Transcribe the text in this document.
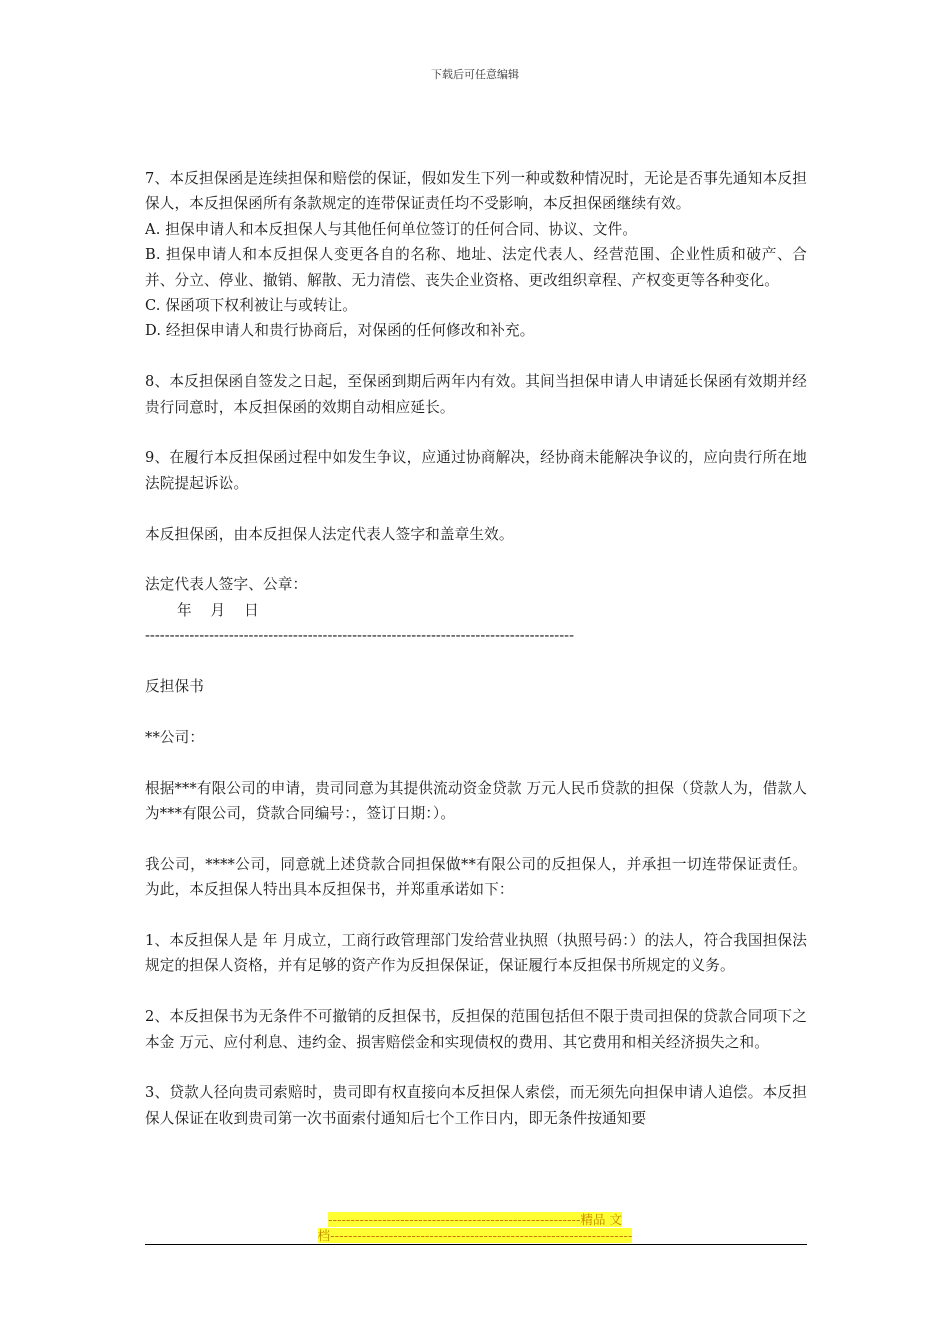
下载后可任意编辑

7、本反担保函是连续担保和赔偿的保证，假如发生下列一种或数种情况时，无论是否事先通知本反担保人，本反担保函所有条款规定的连带保证责任均不受影响，本反担保函继续有效。

A. 担保申请人和本反担保人与其他任何单位签订的任何合同、协议、文件。

B. 担保申请人和本反担保人变更各自的名称、地址、法定代表人、经营范围、企业性质和破产、合并、分立、停业、撤销、解散、无力清偿、丧失企业资格、更改组织章程、产权变更等各种变化。

C. 保函项下权利被让与或转让。

D. 经担保申请人和贵行协商后，对保函的任何修改和补充。

8、本反担保函自签发之日起，至保函到期后两年内有效。其间当担保申请人申请延长保函有效期并经贵行同意时，本反担保函的效期自动相应延长。

9、在履行本反担保函过程中如发生争议，应通过协商解决，经协商未能解决争议的，应向贵行所在地法院提起诉讼。

本反担保函，由本反担保人法定代表人签字和盖章生效。

法定代表人签字、公章：

年 月 日

---------------------------------------------------------------------------------------

反担保书

**公司：

根据***有限公司的申请，贵司同意为其提供流动资金贷款 万元人民币贷款的担保（贷款人为，借款人为***有限公司，贷款合同编号：，签订日期：）。

我公司，****公司，同意就上述贷款合同担保做**有限公司的反担保人，并承担一切连带保证责任。为此，本反担保人特出具本反担保书，并郑重承诺如下：

1、本反担保人是 年 月成立，工商行政管理部门发给营业执照（执照号码：）的法人，符合我国担保法规定的担保人资格，并有足够的资产作为反担保保证，保证履行本反担保书所规定的义务。

2、本反担保书为无条件不可撤销的反担保书，反担保的范围包括但不限于贵司担保的贷款合同项下之本金 万元、应付利息、违约金、损害赔偿金和实现债权的费用、其它费用和相关经济损失之和。

3、贷款人径向贵司索赔时，贵司即有权直接向本反担保人索偿，而无须先向担保申请人追偿。本反担保人保证在收到贵司第一次书面索付通知后七个工作日内，即无条件按通知要

--------------------------------------------------------精品 文
档-------------------------------------------------------------------
